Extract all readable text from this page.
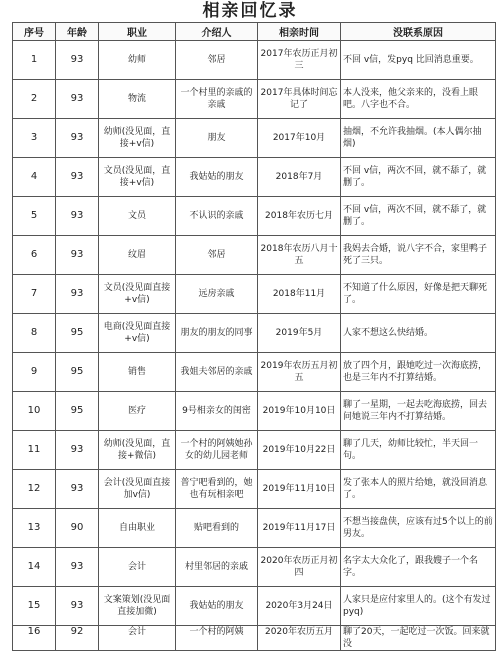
相亲回忆录
序号	年龄	职业	介绍人	相亲时间	没联系原因
1	93	幼师	邻居	2017年农历正月初三	不回 v信，发pyq 比回消息重要。
2	93	物流	一个村里的亲戚的亲戚	2017年具体时间忘记了	本人没来，他父亲来的，没看上眼吧。八字也不合。
3	93	幼师(没见面，直接+v信)	朋友	2017年10月	抽烟，不允许我抽烟。(本人偶尔抽烟)
4	93	文员(没见面，直接+v信)	我姑姑的朋友	2018年7月	不回 v信，两次不回，就不舔了，就删了。
5	93	文员	不认识的亲戚	2018年农历七月	不回 v信，两次不回，就不舔了，就删了。
6	93	纹眉	邻居	2018年农历八月十五	我妈去合婚，说八字不合，家里鸭子死了三只。
7	93	文员(没见面直接+v信)	远房亲戚	2018年11月	不知道了什么原因，好像是把天聊死了。
8	95	电商(没见面直接+v信)	朋友的朋友的同事	2019年5月	人家不想这么快结婚。
9	95	销售	我姐夫邻居的亲戚	2019年农历五月初五	放了四个月，跟她吃过一次海底捞，也是三年内不打算结婚。
10	95	医疗	9号相亲女的闺密	2019年10月10日	聊了一星期，一起去吃海底捞，回去问她说三年内不打算结婚。
11	93	幼师(没见面，直接+微信)	一个村的阿姨她孙女的幼儿园老师	2019年10月22日	聊了几天，幼师比较忙，半天回一句。
12	93	会计(没见面直接加v信)	普宁吧看到的，她也有玩相亲吧	2019年11月10日	发了张本人的照片给她，就没回消息了。
13	90	自由职业	贴吧看到的	2019年11月17日	不想当接盘侠，应该有过5个以上的前男友。
14	93	会计	村里邻居的亲戚	2020年农历正月初四	名字太大众化了，跟我嫂子一个名字。
15	93	文案策划(没见面直接加微)	我姑姑的朋友	2020年3月24日	人家只是应付家里人的。(这个有发过pyq)
16	92	会计	一个村的阿姨	2020年农历五月	聊了20天，一起吃过一次饭。回来就没
